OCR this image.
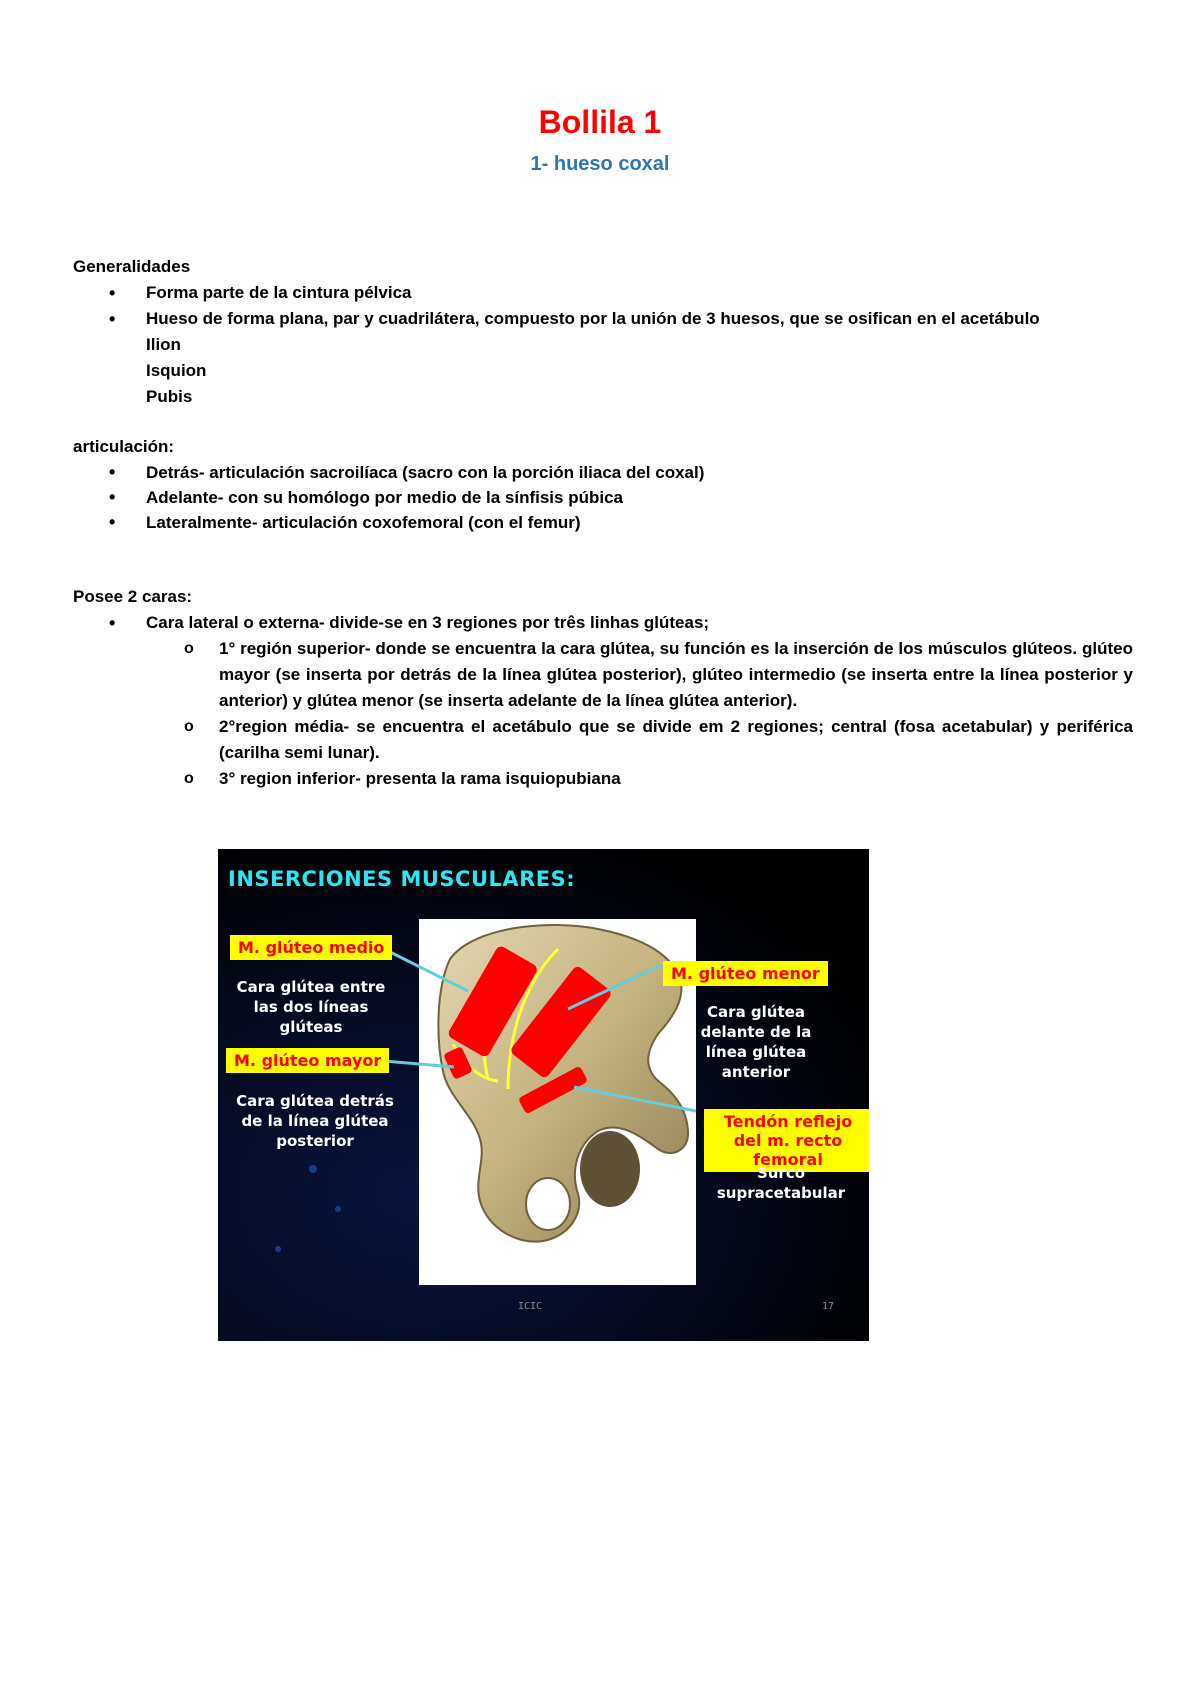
Bollila 1
1- hueso coxal
Generalidades
• Forma parte de la cintura pélvica
• Hueso de forma plana, par y cuadrilátera, compuesto por la unión de 3 huesos, que se osifican en el acetábulo
Ilion
Isquion
Pubis
articulación:
• Detrás- articulación sacroilíaca (sacro con la porción iliaca del coxal)
• Adelante- con su homólogo por medio de la sínfisis púbica
• Lateralmente- articulación coxofemoral (con el femur)
Posee 2 caras:
• Cara lateral o externa- divide-se en 3 regiones por três linhas glúteas;
o 1° región superior- donde se encuentra la cara glútea, su función es la inserción de los músculos glúteos. glúteo mayor (se inserta por detrás de la línea glútea posterior), glúteo intermedio (se inserta entre la línea posterior y anterior) y glútea menor (se inserta adelante de la línea glútea anterior).
o 2°region média- se encuentra el acetábulo que se divide em 2 regiones; central (fosa acetabular) y periférica (carilha semi lunar).
o 3° region inferior- presenta la rama isquiopubiana
INSERCIONES MUSCULARES:
M. glúteo medio
Cara glútea entre las dos líneas glúteas
M. glúteo mayor
Cara glútea detrás de la línea glútea posterior
M. glúteo menor
Cara glútea delante de la línea glútea anterior
Tendón reflejo del m. recto femoral
Surco supracetabular
ICIC	17
